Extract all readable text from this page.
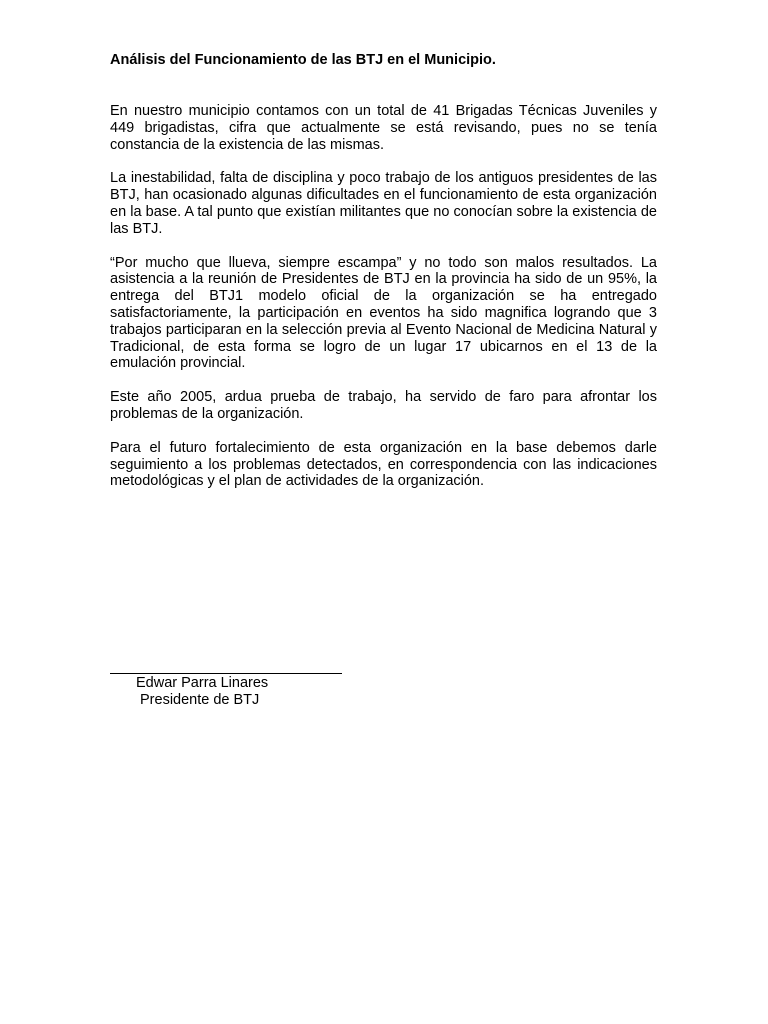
Análisis del Funcionamiento de las BTJ en el Municipio.

En nuestro municipio contamos con un total de 41 Brigadas Técnicas Juveniles y 449 brigadistas, cifra que actualmente se está revisando, pues no se tenía constancia de la existencia de las mismas.

La inestabilidad, falta de disciplina y poco trabajo de los antiguos presidentes de las BTJ, han ocasionado algunas dificultades en el funcionamiento de esta organización en la base. A tal punto que existían militantes que no conocían sobre la existencia de las BTJ.

“Por mucho que llueva, siempre escampa” y no todo son malos resultados. La asistencia a la reunión de Presidentes de BTJ en la provincia ha sido de un 95%, la entrega del BTJ1 modelo oficial de la organización se ha entregado satisfactoriamente, la participación en eventos ha sido magnifica logrando que 3 trabajos participaran en la selección previa al Evento Nacional de Medicina Natural y Tradicional, de esta forma se logro de un lugar 17 ubicarnos en el 13 de la emulación provincial.

Este año 2005, ardua prueba de trabajo, ha servido de faro para afrontar los problemas de la organización.

Para el futuro fortalecimiento de esta organización en la base debemos darle seguimiento a los problemas detectados, en correspondencia con las indicaciones metodológicas y el plan de actividades de la organización.

Edwar Parra Linares
Presidente de BTJ
